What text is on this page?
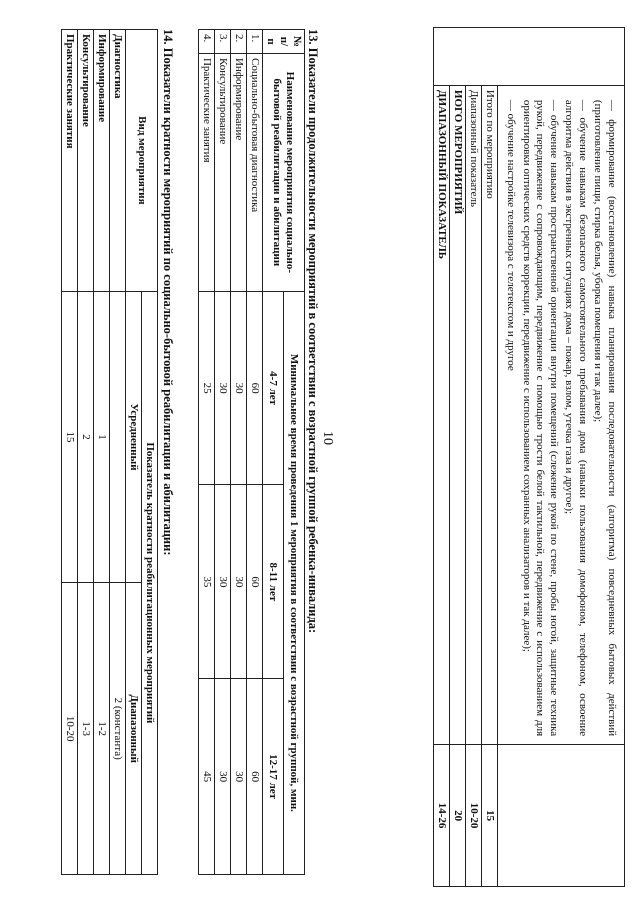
10

	— формирование (восстановление) навыка планирования последовательности (алгоритма) повседневных бытовых действий (приготовление пищи, стирка белья, уборка помещения и так далее);

— обучение навыкам безопасного самостоятельного пребывания дома (навыки пользования домофоном, телефоном, освоение алгоритма действия в экстренных ситуациях дома – пожар, взлом, утечка газа и другое);

— обучение навыкам пространственной ориентации внутри помещений (слежение рукой по стене, пробы ногой, защитные техника рукой, передвижение с сопровождающим, передвижение с помощью трости белой тактильной, передвижение с использованием для ориентировки оптических средств коррекции, передвижение с использованием сохранных анализаторов и так далее);

— обучение настройке телевизора с телетекстом и другое	

	Итого по мероприятию	15
	Диапазонный показатель	10-20
	ИОГО МЕРОПРИЯТИЙ	20
	ДИАПАЗОННЫЙ ПОКАЗАТЕЛЬ	14-26
13. Показатели продолжительности мероприятий в соответствии с возрастной группой ребенка-инвалида:
№ п/п	Наименование мероприятия социально-бытовой реабилитации и абилитации	Минимальное время проведения 1 мероприятия в соответствии с возрастной группой, мин.		
		4-7 лет	8-11 лет	12-17 лет
1.	Социально-бытовая диагностика	60	60	60
2.	Информирование	30	30	30
3.	Консультирование	30	30	30
4.	Практические занятия	25	35	45
14. Показатели кратности мероприятий по социально-бытовой реабилитации и абилитации:
Вид мероприятия	Показатель кратности реабилитационных мероприятий	
	Усредненный	Диапазонный
Диагностика		2 (константа)
Информирование	1	1-2
Консультирование	2	1-3
Практические занятия	15	10-20
